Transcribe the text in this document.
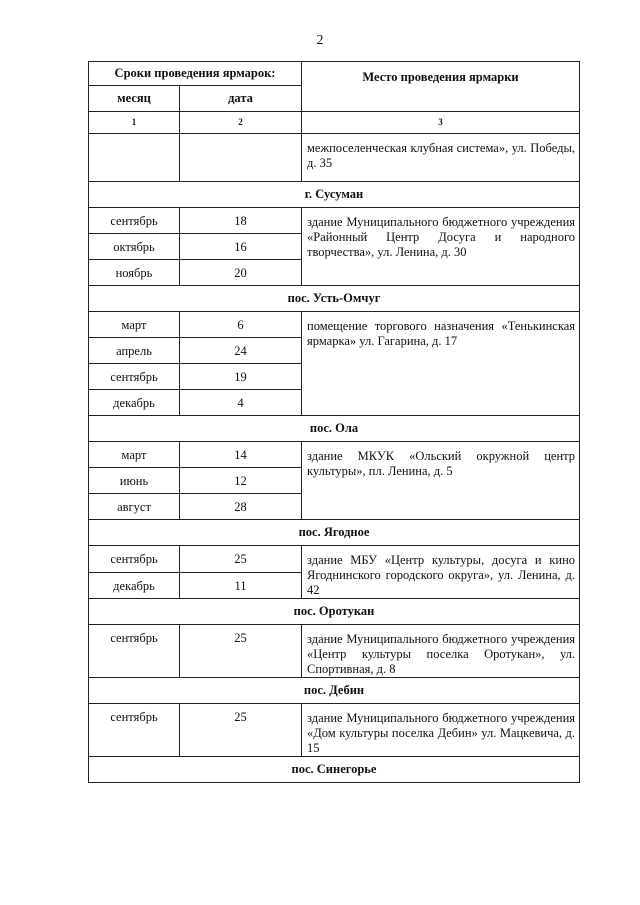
2
Сроки проведения ярмарок:		Место проведения ярмарки
месяц	дата	
1	2	3
		межпоселенческая клубная система», ул. Победы, д. 35
г. Сусуман		
сентябрь	18	здание Муниципального бюджетного учреждения «Районный Центр Досуга и народного творчества», ул. Ленина, д. 30
октябрь	16	
ноябрь	20	
пос. Усть-Омчуг		
март	6	помещение торгового назначения «Тенькинская ярмарка» ул. Гагарина, д. 17
апрель	24	
сентябрь	19	
декабрь	4	
пос. Ола		
март	14	здание МКУК «Ольский окружной центр культуры», пл. Ленина, д. 5
июнь	12	
август	28	
пос. Ягодное		
сентябрь	25	здание МБУ «Центр культуры, досуга и кино Ягоднинского городского округа», ул. Ленина, д. 42
декабрь	11	
пос. Оротукан		
сентябрь	25	здание Муниципального бюджетного учреждения «Центр культуры поселка Оротукан», ул. Спортивная, д. 8
пос. Дебин		
сентябрь	25	здание Муниципального бюджетного учреждения «Дом культуры поселка Дебин» ул. Мацкевича, д. 15
пос. Синегорье		
